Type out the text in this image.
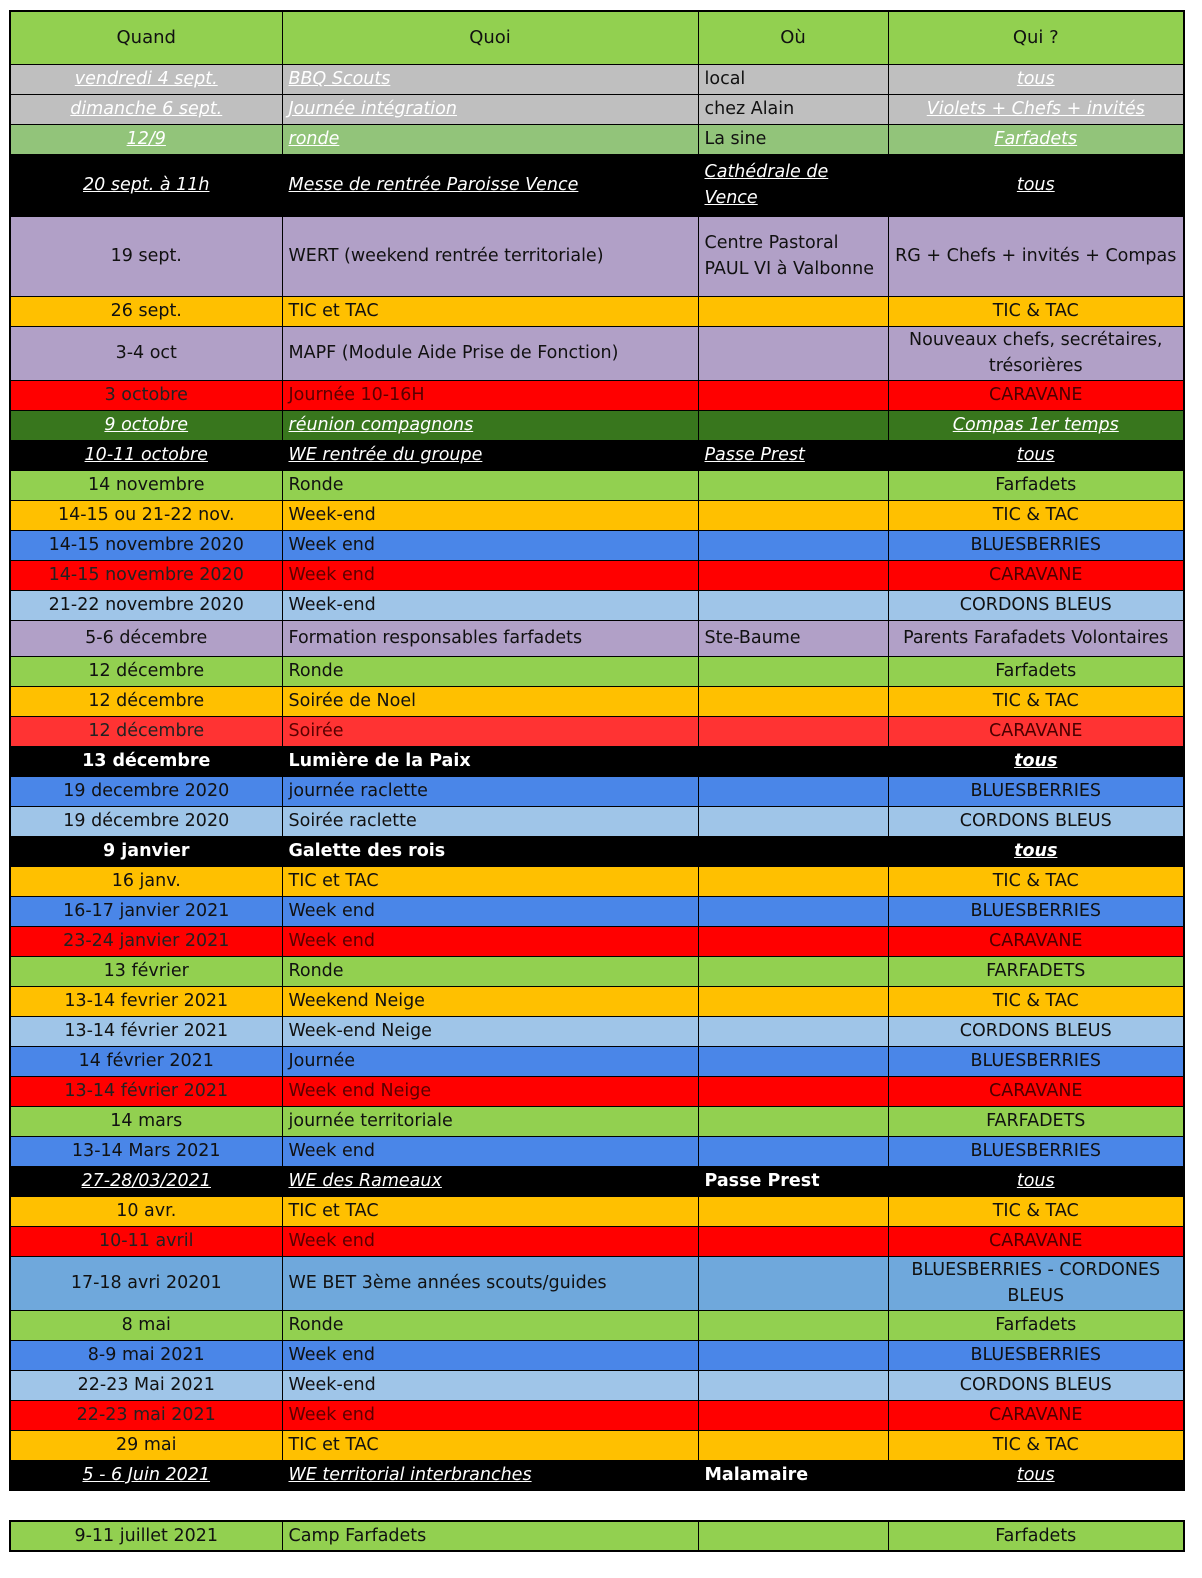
Quand	Quoi	Où	Qui ?
vendredi 4 sept.	BBQ Scouts	local	tous
dimanche 6 sept.	Journée intégration	chez Alain	Violets + Chefs + invités
12/9	ronde	La sine	Farfadets
20 sept. à 11h	Messe de rentrée Paroisse Vence	Cathédrale de Vence	tous
19 sept.	WERT (weekend rentrée territoriale)	Centre Pastoral PAUL VI à Valbonne	RG + Chefs + invités + Compas
26 sept.	TIC et TAC		TIC & TAC
3-4 oct	MAPF (Module Aide Prise de Fonction)		Nouveaux chefs, secrétaires, trésorières
3 octobre	Journée 10-16H		CARAVANE
9 octobre	réunion compagnons		Compas 1er temps
10-11 octobre	WE rentrée du groupe	Passe Prest	tous
14 novembre	Ronde		Farfadets
14-15 ou 21-22 nov.	Week-end		TIC & TAC
14-15 novembre 2020	Week end		BLUESBERRIES
14-15 novembre 2020	Week end		CARAVANE
21-22 novembre 2020	Week-end		CORDONS BLEUS
5-6 décembre	Formation responsables farfadets	Ste-Baume	Parents Farafadets Volontaires
12 décembre	Ronde		Farfadets
12 décembre	Soirée de Noel		TIC & TAC
12 décembre	Soirée		CARAVANE
13 décembre	Lumière de la Paix		tous
19 decembre 2020	journée raclette		BLUESBERRIES
19 décembre 2020	Soirée raclette		CORDONS BLEUS
9 janvier	Galette des rois		tous
16 janv.	TIC et TAC		TIC & TAC
16-17 janvier 2021	Week end		BLUESBERRIES
23-24 janvier 2021	Week end		CARAVANE
13 février	Ronde		FARFADETS
13-14 fevrier 2021	Weekend Neige		TIC & TAC
13-14 février 2021	Week-end Neige		CORDONS BLEUS
14 février 2021	Journée		BLUESBERRIES
13-14 février 2021	Week end Neige		CARAVANE
14 mars	journée territoriale		FARFADETS
13-14 Mars 2021	Week end		BLUESBERRIES
27-28/03/2021	WE des Rameaux	Passe Prest	tous
10 avr.	TIC et TAC		TIC & TAC
10-11 avril	Week end		CARAVANE
17-18 avri 20201	WE BET 3ème années scouts/guides		BLUESBERRIES - CORDONES BLEUS
8 mai	Ronde		Farfadets
8-9 mai 2021	Week end		BLUESBERRIES
22-23 Mai 2021	Week-end		CORDONS BLEUS
22-23 mai 2021	Week end		CARAVANE
29 mai	TIC et TAC		TIC & TAC
5 - 6 Juin 2021	WE territorial interbranches	Malamaire	tous
9-11 juillet 2021	Camp Farfadets		Farfadets
